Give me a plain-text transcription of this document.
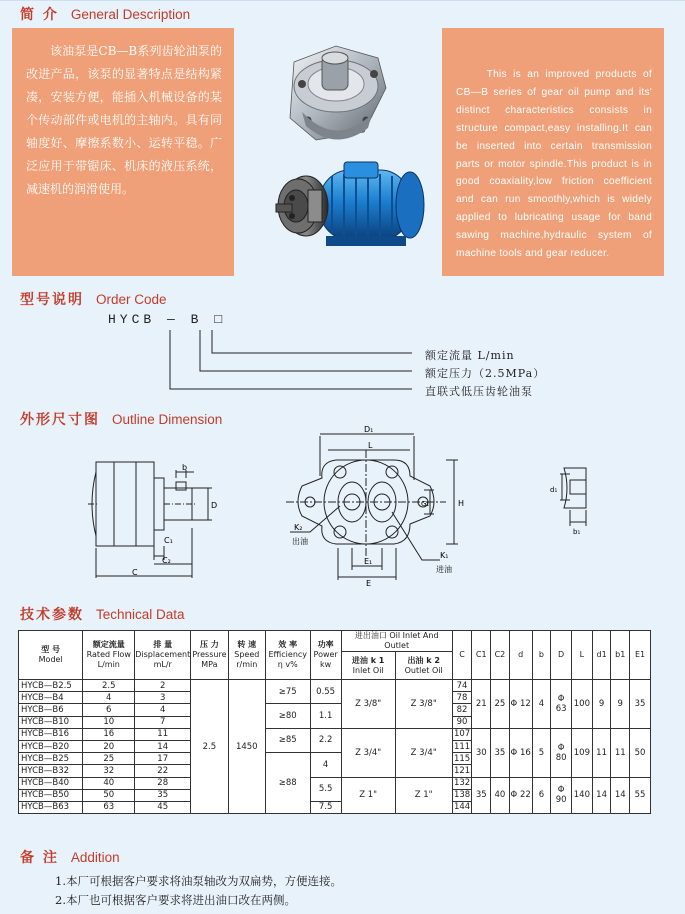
简 介 General Description
该油泵是CB—B系列齿轮油泵的改进产品，该泵的显著特点是结构紧凑，安装方便，能插入机械设备的某个传动部件或电机的主轴内。具有同轴度好、摩擦系数小、运转平稳。广泛应用于带锯床、机床的液压系统，减速机的润滑使用。
This is an improved products of CB—B series of gear oil pump and its' distinct characteristics consists in structure compact,easy installing.It can be inserted into certain transmission parts or motor spindle.This product is in good coaxiality,low friction coefficient and can run smoothly,which is widely applied to lubricating usage for band sawing machine,hydraulic system of machine tools and gear reducer.
型号说明 Order Code
HYCB — B □
额定流量 L/min
额定压力（2.5MPa）
直联式低压齿轮油泵
外形尺寸图 Outline Dimension
b
D
C₁
C₂
C
D₁
L
H
G₁
E₁
E
K₂
出油
K₁
进油
d₁
b₁
技术参数 Technical Data
型 号
Model	额定流量
Rated Flow
L/min	排 量
Displacement
mL/r	压 力
Pressure
MPa	转 速
Speed
r/min	效 率
Efficiency
η v%	功率
Power
kw	进出油口 Oil Inlet And Outlet		C	C1	C2	d	b	D	L	d1	b1	E1
							进油 k 1
Inlet Oil	出油 k 2
Outlet Oil										
HYCB—B2.5	2.5	2	2.5	1450	≥75	0.55	Z 3/8"	Z 3/8"	74	21	25	Φ 12	4	Φ 63	100	9	9	35
HYCB—B4	4	3							78									
HYCB—B6	6	4			≥80	1.1			82									
HYCB—B10	10	7							90									
HYCB—B16	16	11			≥85	2.2	Z 3/4"	Z 3/4"	107	30	35	Φ 16	5	Φ 80	109	11	11	50
HYCB—B20	20	14							111									
HYCB—B25	25	17			≥88	4			115									
HYCB—B32	32	22							121									
HYCB—B40	40	28				5.5	Z 1"	Z 1"	132	35	40	Φ 22	6	Φ 90	140	14	14	55
HYCB—B50	50	35							138									
HYCB—B63	63	45				7.5			144									
备 注 Addition
1.本厂可根据客户要求将油泵轴改为双扁势，方便连接。
2.本厂也可根据客户要求将进出油口改在两侧。
